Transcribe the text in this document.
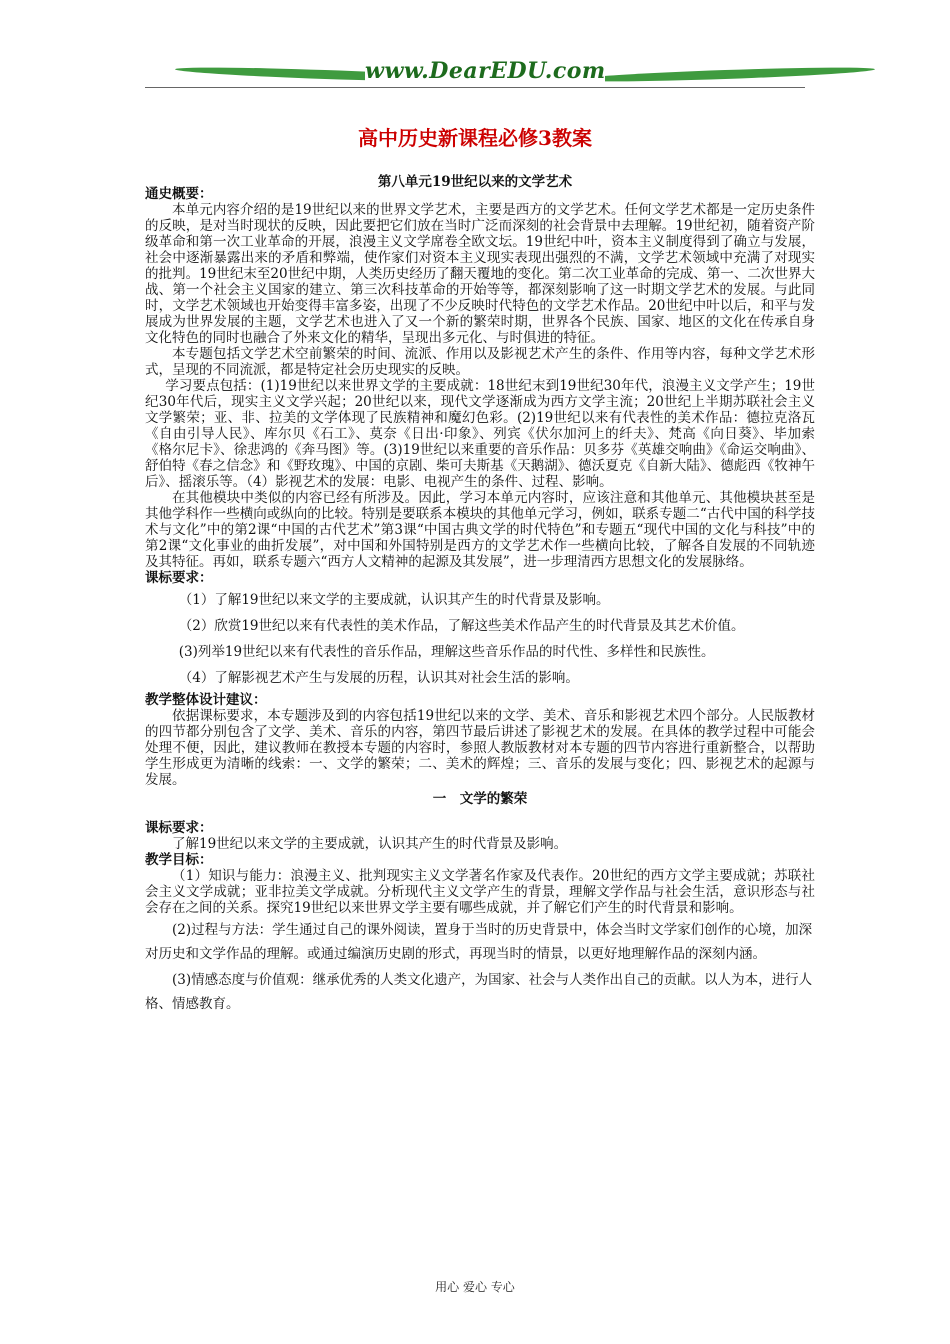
www.DearEDU.com
高中历史新课程必修3教案
第八单元19世纪以来的文学艺术

通史概要：

本单元内容介绍的是19世纪以来的世界文学艺术，主要是西方的文学艺术。任何文学艺术都是一定历史条件的反映，是对当时现状的反映，因此要把它们放在当时广泛而深刻的社会背景中去理解。19世纪初，随着资产阶级革命和第一次工业革命的开展，浪漫主义文学席卷全欧文坛。19世纪中叶，资本主义制度得到了确立与发展，社会中逐渐暴露出来的矛盾和弊端，使作家们对资本主义现实表现出强烈的不满，文学艺术领域中充满了对现实的批判。19世纪末至20世纪中期，人类历史经历了翻天覆地的变化。第二次工业革命的完成、第一、二次世界大战、第一个社会主义国家的建立、第三次科技革命的开始等等，都深刻影响了这一时期文学艺术的发展。与此同时，文学艺术领域也开始变得丰富多姿，出现了不少反映时代特色的文学艺术作品。20世纪中叶以后，和平与发展成为世界发展的主题，文学艺术也进入了又一个新的繁荣时期，世界各个民族、国家、地区的文化在传承自身文化特色的同时也融合了外来文化的精华，呈现出多元化、与时俱进的特征。

本专题包括文学艺术空前繁荣的时间、流派、作用以及影视艺术产生的条件、作用等内容，每种文学艺术形式，呈现的不同流派，都是特定社会历史现实的反映。

学习要点包括：(1)19世纪以来世界文学的主要成就：18世纪末到19世纪30年代，浪漫主义文学产生；19世纪30年代后，现实主义文学兴起；20世纪以来，现代文学逐渐成为西方文学主流；20世纪上半期苏联社会主义文学繁荣；亚、非、拉美的文学体现了民族精神和魔幻色彩。(2)19世纪以来有代表性的美术作品：德拉克洛瓦《自由引导人民》、库尔贝《石工》、莫奈《日出·印象》、列宾《伏尔加河上的纤夫》、梵高《向日葵》、毕加索《格尔尼卡》、徐悲鸿的《奔马图》等。(3)19世纪以来重要的音乐作品：贝多芬《英雄交响曲》《命运交响曲》、舒伯特《春之信念》和《野玫瑰》、中国的京剧、柴可夫斯基《天鹅湖》、德沃夏克《自新大陆》、德彪西《牧神午后》、摇滚乐等。（4）影视艺术的发展：电影、电视产生的条件、过程、影响。

在其他模块中类似的内容已经有所涉及。因此，学习本单元内容时，应该注意和其他单元、其他模块甚至是其他学科作一些横向或纵向的比较。特别是要联系本模块的其他单元学习，例如，联系专题二“古代中国的科学技术与文化”中的第2课“中国的古代艺术”第3课“中国古典文学的时代特色”和专题五“现代中国的文化与科技”中的第2课“文化事业的曲折发展”，对中国和外国特别是西方的文学艺术作一些横向比较，了解各自发展的不同轨迹及其特征。再如，联系专题六“西方人文精神的起源及其发展”，进一步理清西方思想文化的发展脉络。

课标要求：

（1）了解19世纪以来文学的主要成就，认识其产生的时代背景及影响。

（2）欣赏19世纪以来有代表性的美术作品，了解这些美术作品产生的时代背景及其艺术价值。

(3)列举19世纪以来有代表性的音乐作品，理解这些音乐作品的时代性、多样性和民族性。

（4）了解影视艺术产生与发展的历程，认识其对社会生活的影响。

教学整体设计建议：

依据课标要求，本专题涉及到的内容包括19世纪以来的文学、美术、音乐和影视艺术四个部分。人民版教材的四节都分别包含了文学、美术、音乐的内容，第四节最后讲述了影视艺术的发展。在具体的教学过程中可能会处理不便，因此，建议教师在教授本专题的内容时，参照人教版教材对本专题的四节内容进行重新整合，以帮助学生形成更为清晰的线索：一、文学的繁荣；二、美术的辉煌；三、音乐的发展与变化；四、影视艺术的起源与发展。

一　文学的繁荣

课标要求：

了解19世纪以来文学的主要成就，认识其产生的时代背景及影响。

教学目标：

（1）知识与能力：浪漫主义、批判现实主义文学著名作家及代表作。20世纪的西方文学主要成就；苏联社会主义文学成就；亚非拉美文学成就。分析现代主义文学产生的背景，理解文学作品与社会生活，意识形态与社会存在之间的关系。探究19世纪以来世界文学主要有哪些成就，并了解它们产生的时代背景和影响。

(2)过程与方法：学生通过自己的课外阅读，置身于当时的历史背景中，体会当时文学家们创作的心境，加深对历史和文学作品的理解。或通过编演历史剧的形式，再现当时的情景，以更好地理解作品的深刻内涵。

(3)情感态度与价值观：继承优秀的人类文化遗产，为国家、社会与人类作出自己的贡献。以人为本，进行人格、情感教育。

用心 爱心 专心
